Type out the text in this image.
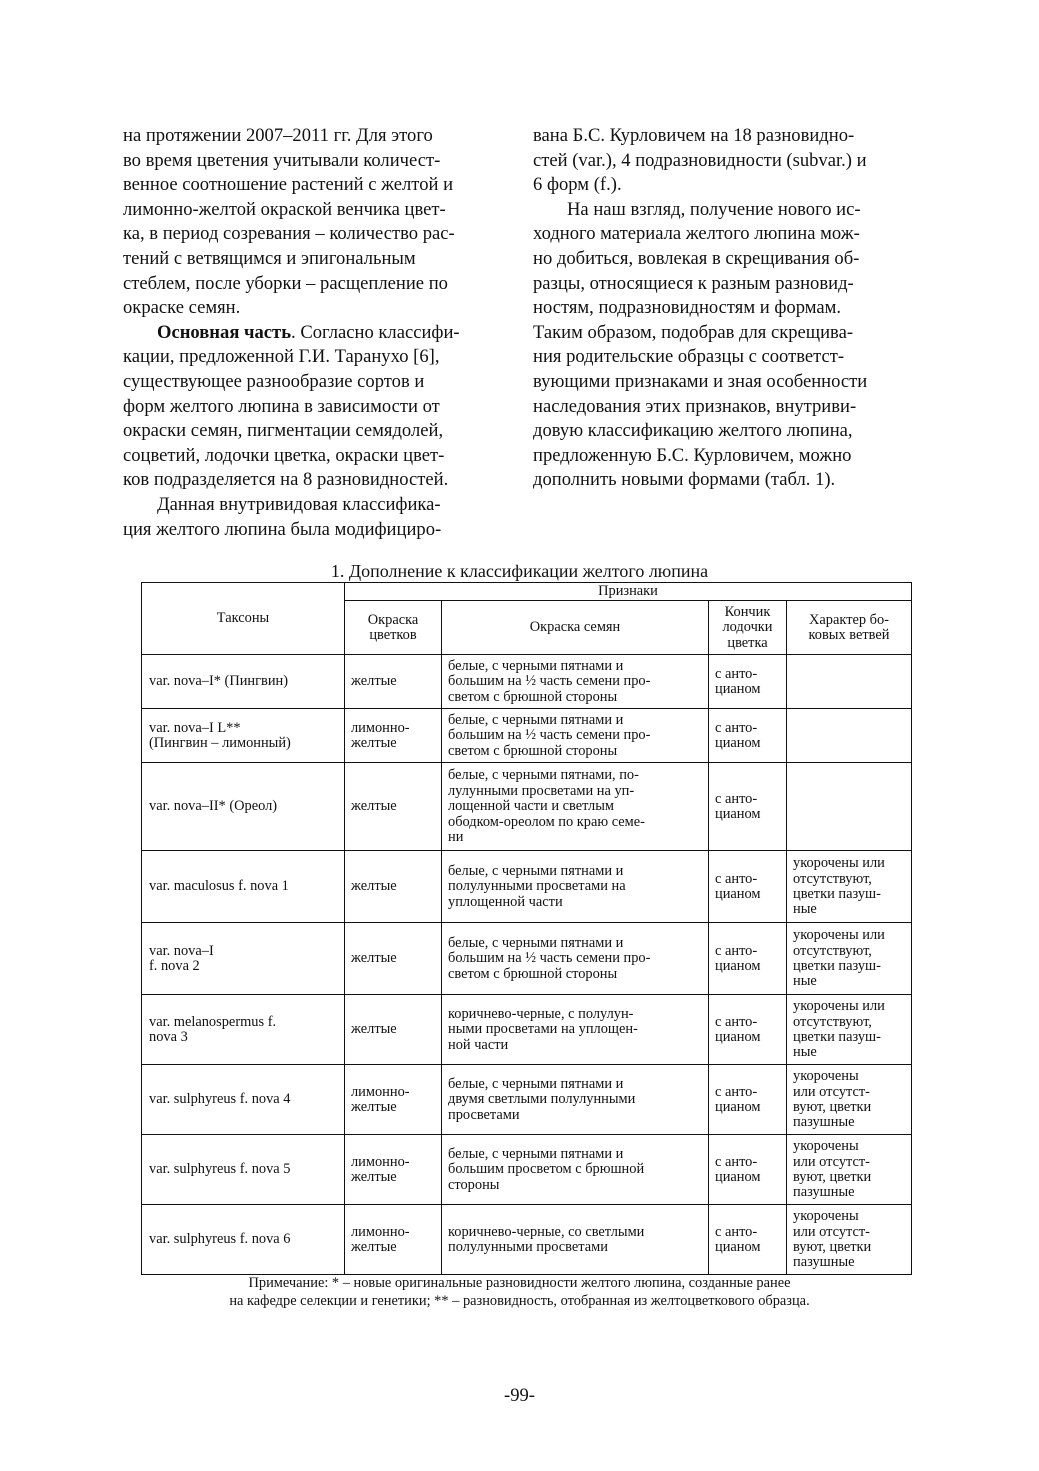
на протяжении 2007–2011 гг. Для этого
во время цветения учитывали количест-
венное соотношение растений с желтой и
лимонно-желтой окраской венчика цвет-
ка, в период созревания – количество рас-
тений с ветвящимся и эпигональным
стеблем, после уборки – расщепление по
окраске семян.

Основная часть. Согласно классифи-
кации, предложенной Г.И. Таранухо [6],
существующее разнообразие сортов и
форм желтого люпина в зависимости от
окраски семян, пигментации семядолей,
соцветий, лодочки цветка, окраски цвет-
ков подразделяется на 8 разновидностей.

Данная внутривидовая классифика-
ция желтого люпина была модифициро-

вана Б.С. Курловичем на 18 разновидно-
стей (var.), 4 подразновидности (subvar.) и
6 форм (f.).

На наш взгляд, получение нового ис-
ходного материала желтого люпина мож-
но добиться, вовлекая в скрещивания об-
разцы, относящиеся к разным разновид-
ностям, подразновидностям и формам.
Таким образом, подобрав для скрещива-
ния родительские образцы с соответст-
вующими признаками и зная особенности
наследования этих признаков, внутриви-
довую классификацию желтого люпина,
предложенную Б.С. Курловичем, можно
дополнить новыми формами (табл. 1).

1. Дополнение к классификации желтого люпина
Таксоны	Признаки			
	Окраска
цветков	Окраска семян	Кончик
лодочки
цветка	Характер бо-
ковых ветвей
var. nova–I* (Пингвин)	желтые	белые, с черными пятнами и
большим на ½ часть семени про-
светом с брюшной стороны	с анто-
цианом	
var. nova–I L**
(Пингвин – лимонный)	лимонно-
желтые	белые, с черными пятнами и
большим на ½ часть семени про-
светом с брюшной стороны	с анто-
цианом	
var. nova–II* (Ореол)	желтые	белые, с черными пятнами, по-
лулунными просветами на уп-
лощенной части и светлым
ободком-ореолом по краю семе-
ни	с анто-
цианом	
var. maculosus f. nova 1	желтые	белые, с черными пятнами и
полулунными просветами на
уплощенной части	с анто-
цианом	укорочены или
отсутствуют,
цветки пазуш-
ные
var. nova–I
f. nova 2	желтые	белые, с черными пятнами и
большим на ½ часть семени про-
светом с брюшной стороны	с анто-
цианом	укорочены или
отсутствуют,
цветки пазуш-
ные
var. melanospermus f.
nova 3	желтые	коричнево-черные, с полулун-
ными просветами на уплощен-
ной части	с анто-
цианом	укорочены или
отсутствуют,
цветки пазуш-
ные
var. sulphyreus f. nova 4	лимонно-
желтые	белые, с черными пятнами и
двумя светлыми полулунными
просветами	с анто-
цианом	укорочены
или отсутст-
вуют, цветки
пазушные
var. sulphyreus f. nova 5	лимонно-
желтые	белые, с черными пятнами и
большим просветом с брюшной
стороны	с анто-
цианом	укорочены
или отсутст-
вуют, цветки
пазушные
var. sulphyreus f. nova 6	лимонно-
желтые	коричнево-черные, со светлыми
полулунными просветами	с анто-
цианом	укорочены
или отсутст-
вуют, цветки
пазушные
Примечание: * – новые оригинальные разновидности желтого люпина, созданные ранее
на кафедре селекции и генетики; ** – разновидность, отобранная из желтоцветкового образца.
-99-
